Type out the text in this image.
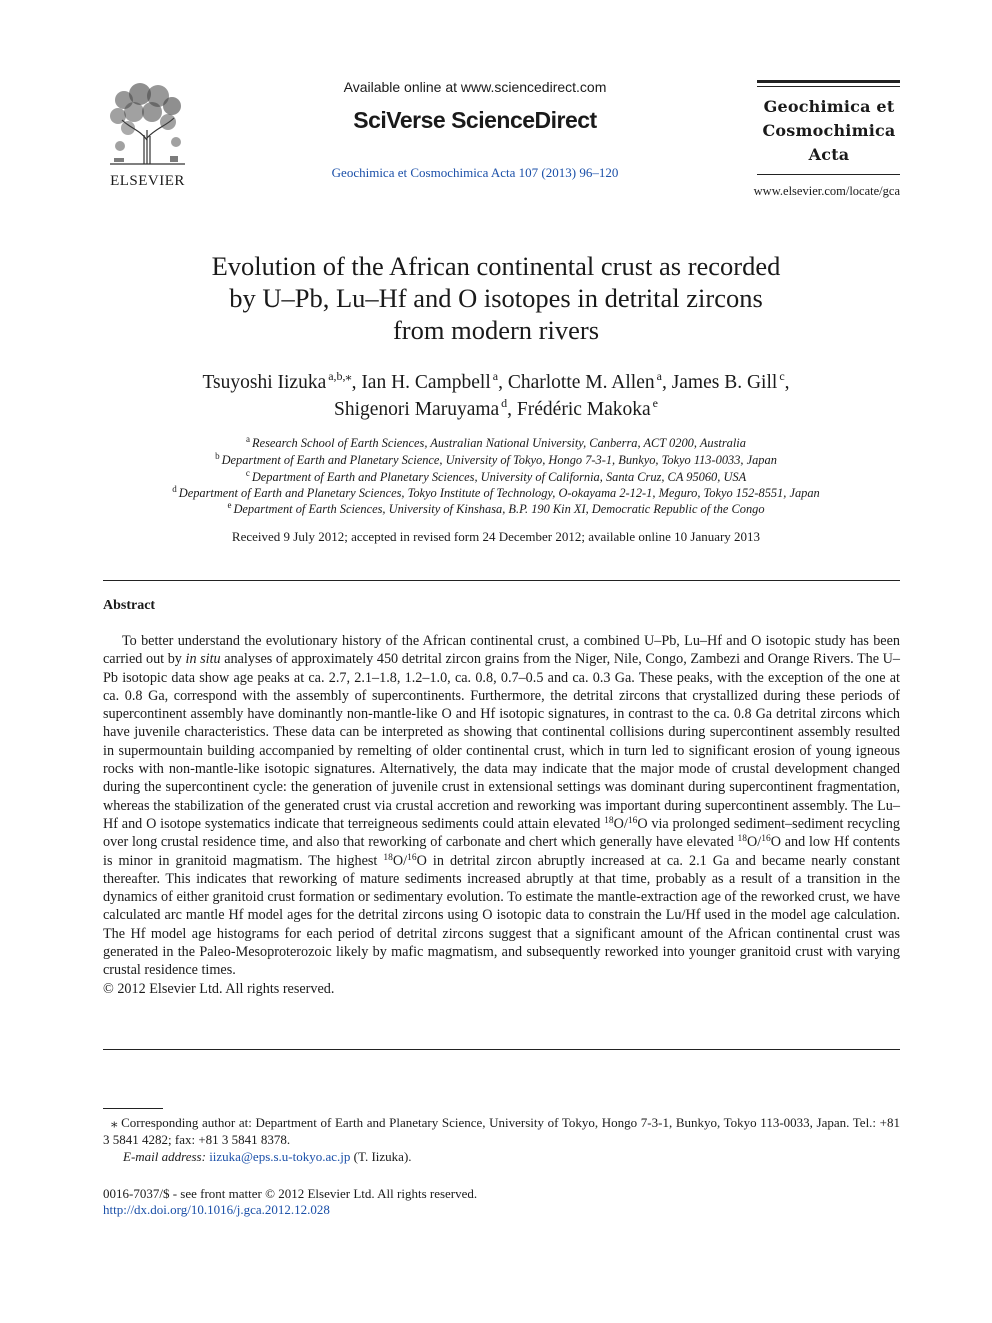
ELSEVIER
Available online at www.sciencedirect.com
SciVerse ScienceDirect
Geochimica et Cosmochimica Acta 107 (2013) 96–120
Geochimica et
Cosmochimica
Acta
www.elsevier.com/locate/gca
Evolution of the African continental crust as recorded
by U–Pb, Lu–Hf and O isotopes in detrital zircons
from modern rivers
Tsuyoshi Iizuka $^{a,b,⁎}$, Ian H. Campbell $^a$, Charlotte M. Allen $^a$, James B. Gill $^c$,
Shigenori Maruyama $^d$, Frédéric Makoka $^e$
$^a$ Research School of Earth Sciences, Australian National University, Canberra, ACT 0200, Australia
$^b$ Department of Earth and Planetary Science, University of Tokyo, Hongo 7-3-1, Bunkyo, Tokyo 113-0033, Japan
$^c$ Department of Earth and Planetary Sciences, University of California, Santa Cruz, CA 95060, USA
$^d$ Department of Earth and Planetary Sciences, Tokyo Institute of Technology, O-okayama 2-12-1, Meguro, Tokyo 152-8551, Japan
$^e$ Department of Earth Sciences, University of Kinshasa, B.P. 190 Kin XI, Democratic Republic of the Congo
Received 9 July 2012; accepted in revised form 24 December 2012; available online 10 January 2013
Abstract

To better understand the evolutionary history of the African continental crust, a combined U–Pb, Lu–Hf and O isotopic study has been carried out by in situ analyses of approximately 450 detrital zircon grains from the Niger, Nile, Congo, Zambezi and Orange Rivers. The U–Pb isotopic data show age peaks at ca. 2.7, 2.1–1.8, 1.2–1.0, ca. 0.8, 0.7–0.5 and ca. 0.3 Ga. These peaks, with the exception of the one at ca. 0.8 Ga, correspond with the assembly of supercontinents. Furthermore, the detrital zircons that crystallized during these periods of supercontinent assembly have dominantly non-mantle-like O and Hf isotopic signatures, in contrast to the ca. 0.8 Ga detrital zircons which have juvenile characteristics. These data can be interpreted as showing that continental collisions during supercontinent assembly resulted in supermountain building accompanied by remelting of older continental crust, which in turn led to significant erosion of young igneous rocks with non-mantle-like isotopic signatures. Alternatively, the data may indicate that the major mode of crustal development changed during the supercontinent cycle: the generation of juvenile crust in extensional settings was dominant during supercontinent fragmentation, whereas the stabilization of the generated crust via crustal accretion and reworking was important during supercontinent assembly. The Lu–Hf and O isotope systematics indicate that terreigneous sediments could attain elevated $^{18}$O/$^{16}$O via prolonged sediment–sediment recycling over long crustal residence time, and also that reworking of carbonate and chert which generally have elevated $^{18}$O/$^{16}$O and low Hf contents is minor in granitoid magmatism. The highest $^{18}$O/$^{16}$O in detrital zircon abruptly increased at ca. 2.1 Ga and became nearly constant thereafter. This indicates that reworking of mature sediments increased abruptly at that time, probably as a result of a transition in the dynamics of either granitoid crust formation or sedimentary evolution. To estimate the mantle-extraction age of the reworked crust, we have calculated arc mantle Hf model ages for the detrital zircons using O isotopic data to constrain the Lu/Hf used in the model age calculation. The Hf model age histograms for each period of detrital zircons suggest that a significant amount of the African continental crust was generated in the Paleo-Mesoproterozoic likely by mafic magmatism, and subsequently reworked into younger granitoid crust with varying crustal residence times.

© 2012 Elsevier Ltd. All rights reserved.
⁎ Corresponding author at: Department of Earth and Planetary Science, University of Tokyo, Hongo 7-3-1, Bunkyo, Tokyo 113-0033, Japan. Tel.: +81 3 5841 4282; fax: +81 3 5841 8378.
E-mail address: iizuka@eps.s.u-tokyo.ac.jp (T. Iizuka).
0016-7037/$ - see front matter © 2012 Elsevier Ltd. All rights reserved.
http://dx.doi.org/10.1016/j.gca.2012.12.028
